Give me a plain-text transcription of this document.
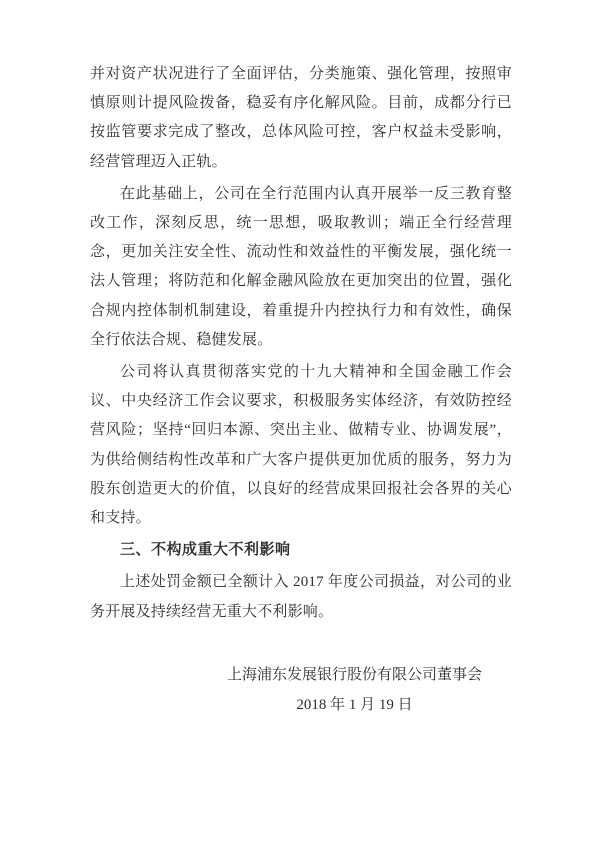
并对资产状况进行了全面评估，分类施策、强化管理，按照审慎原则计提风险拨备，稳妥有序化解风险。目前，成都分行已按监管要求完成了整改，总体风险可控，客户权益未受影响，经营管理迈入正轨。

在此基础上，公司在全行范围内认真开展举一反三教育整改工作，深刻反思，统一思想，吸取教训；端正全行经营理念，更加关注安全性、流动性和效益性的平衡发展，强化统一法人管理；将防范和化解金融风险放在更加突出的位置，强化合规内控体制机制建设，着重提升内控执行力和有效性，确保全行依法合规、稳健发展。

公司将认真贯彻落实党的十九大精神和全国金融工作会议、中央经济工作会议要求，积极服务实体经济，有效防控经营风险；坚持“回归本源、突出主业、做精专业、协调发展”，为供给侧结构性改革和广大客户提供更加优质的服务，努力为股东创造更大的价值，以良好的经营成果回报社会各界的关心和支持。

三、不构成重大不利影响

上述处罚金额已全额计入 2017 年度公司损益，对公司的业务开展及持续经营无重大不利影响。

上海浦东发展银行股份有限公司董事会
2018 年 1 月 19 日
